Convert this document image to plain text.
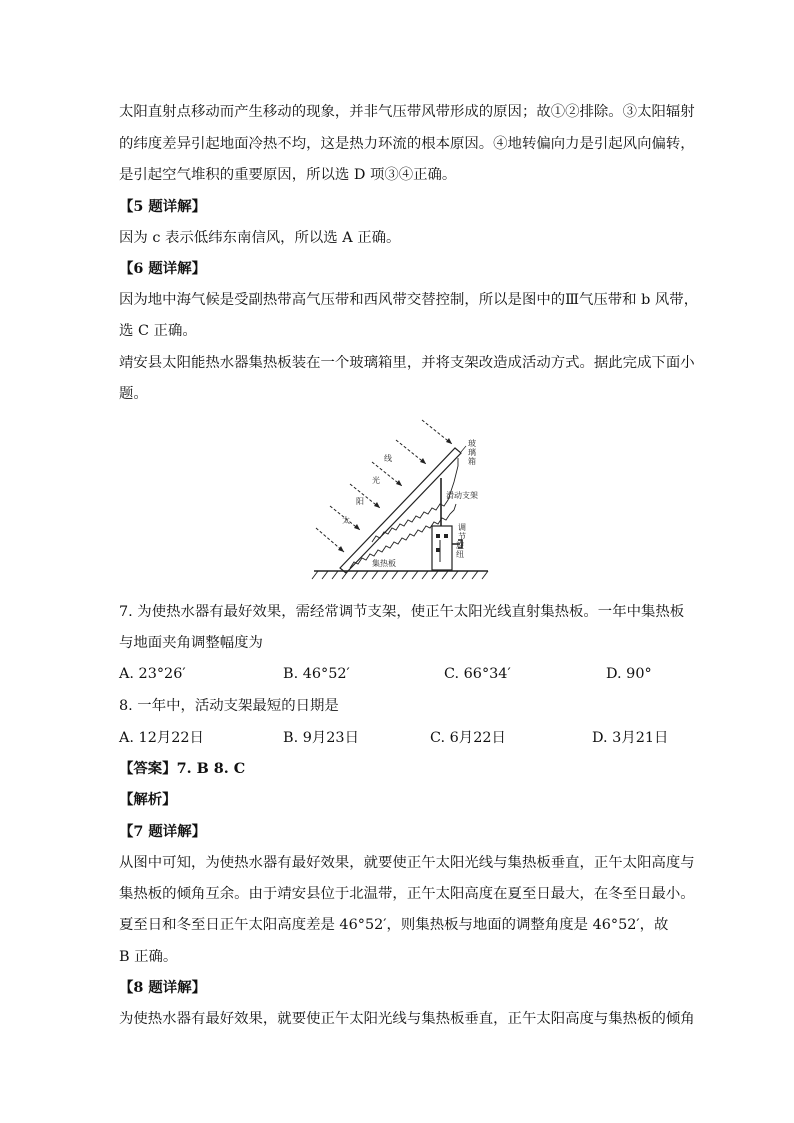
太阳直射点移动而产生移动的现象，并非气压带风带形成的原因；故①②排除。③太阳辐射
的纬度差异引起地面冷热不均，这是热力环流的根本原因。④地转偏向力是引起风向偏转，
是引起空气堆积的重要原因，所以选 D 项③④正确。
【5 题详解】
因为 c 表示低纬东南信风，所以选 A 正确。
【6 题详解】
因为地中海气候是受副热带高气压带和西风带交替控制，所以是图中的Ⅲ气压带和 b 风带，
选 C 正确。
靖安县太阳能热水器集热板装在一个玻璃箱里，并将支架改造成活动方式。据此完成下面小
题。
太
阳
光
线
玻璃箱
滑动支架
调节旋纽
集热板
7. 为使热水器有最好效果，需经常调节支架，使正午太阳光线直射集热板。一年中集热板
与地面夹角调整幅度为
A. 23°26′	B. 46°52′	C. 66°34′	D. 90°
8. 一年中，活动支架最短的日期是
A. 12月22日	B. 9月23日	C. 6月22日	D. 3月21日
【答案】7. B 8. C
【解析】
【7 题详解】
从图中可知，为使热水器有最好效果，就要使正午太阳光线与集热板垂直，正午太阳高度与
集热板的倾角互余。由于靖安县位于北温带，正午太阳高度在夏至日最大，在冬至日最小。
夏至日和冬至日正午太阳高度差是 46°52′，则集热板与地面的调整角度是 46°52′，故
B 正确。
【8 题详解】
为使热水器有最好效果，就要使正午太阳光线与集热板垂直，正午太阳高度与集热板的倾角
